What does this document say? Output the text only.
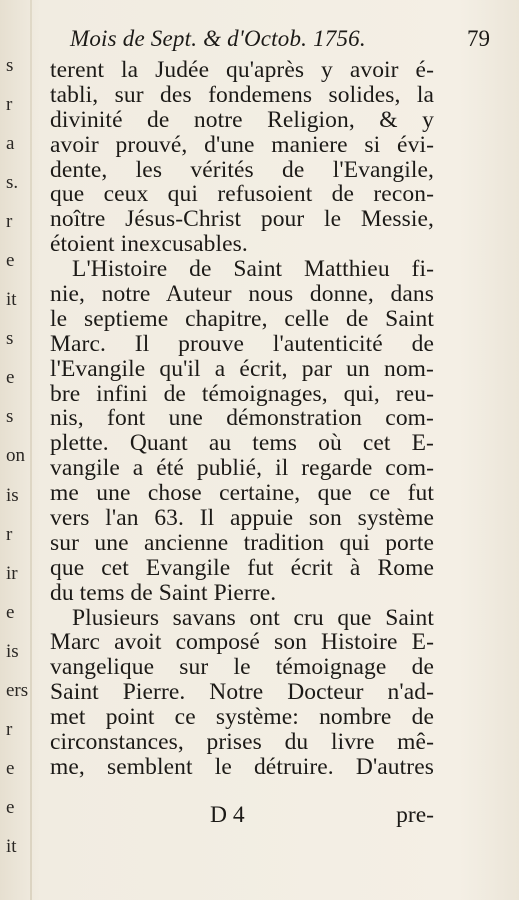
s
r
a
s.
r
e
it
s
e
s
on
is
r
ir
e
is
ers
r
e
e
it
Mois de Sept. & d'Octob. 1756.	79
terent la Judée qu'après y avoir é-
tabli, sur des fondemens solides, la
divinité de notre Religion, & y
avoir prouvé, d'une maniere si évi-
dente, les vérités de l'Evangile,
que ceux qui refusoient de recon-
noître Jésus-Christ pour le Messie,
étoient inexcusables.
L'Histoire de Saint Matthieu fi-
nie, notre Auteur nous donne, dans
le septieme chapitre, celle de Saint
Marc. Il prouve l'autenticité de
l'Evangile qu'il a écrit, par un nom-
bre infini de témoignages, qui, reu-
nis, font une démonstration com-
plette. Quant au tems où cet E-
vangile a été publié, il regarde com-
me une chose certaine, que ce fut
vers l'an 63. Il appuie son système
sur une ancienne tradition qui porte
que cet Evangile fut écrit à Rome
du tems de Saint Pierre.
Plusieurs savans ont cru que Saint
Marc avoit composé son Histoire E-
vangelique sur le témoignage de
Saint Pierre. Notre Docteur n'ad-
met point ce système: nombre de
circonstances, prises du livre mê-
me, semblent le détruire. D'autres
D 4	pre-
